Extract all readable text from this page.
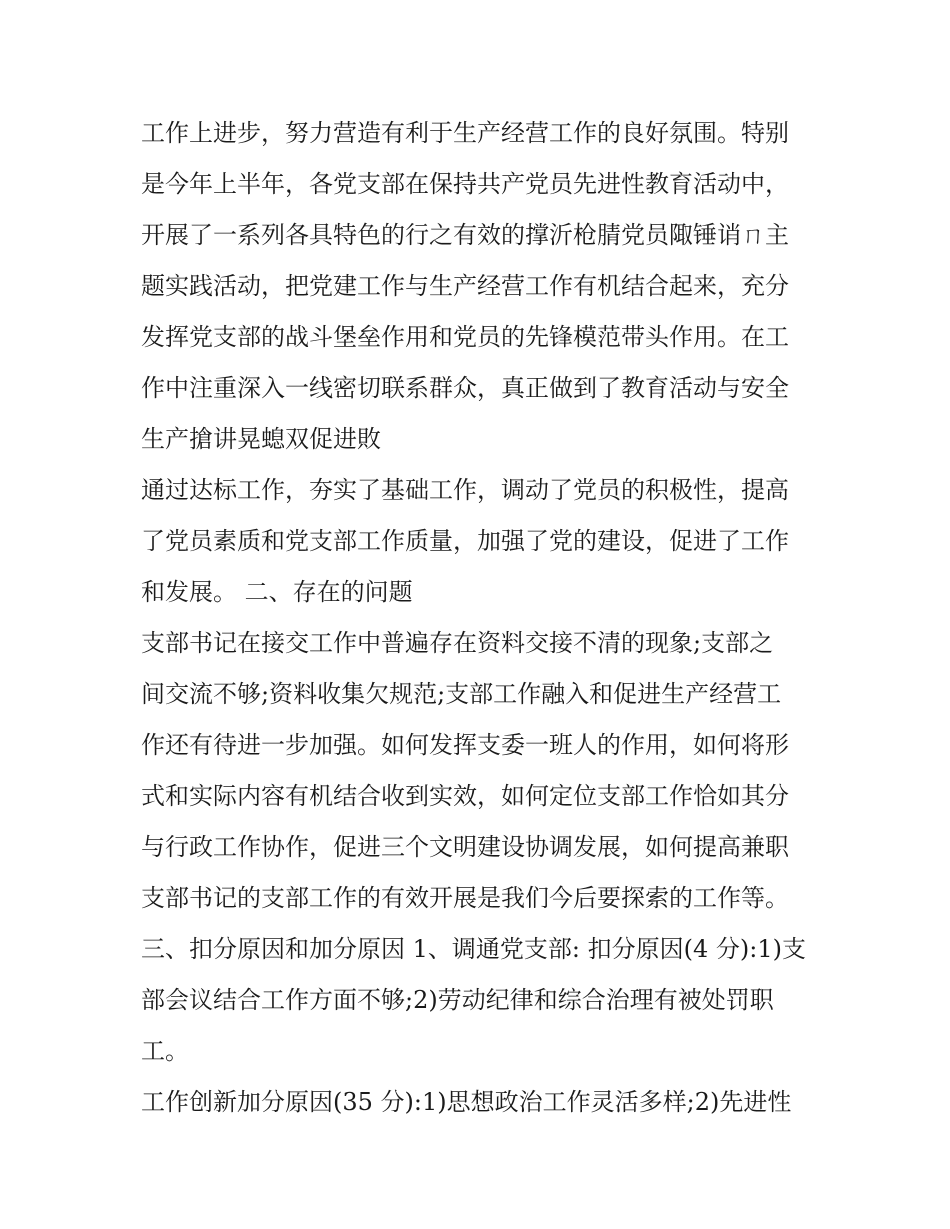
工作上进步，努力营造有利于生产经营工作的良好氛围。特别

是今年上半年，各党支部在保持共产党员先进性教育活动中，

开展了一系列各具特色的行之有效的撑沂枪腈党员陬锤诮ㄇ主

题实践活动，把党建工作与生产经营工作有机结合起来，充分

发挥党支部的战斗堡垒作用和党员的先锋模范带头作用。在工

作中注重深入一线密切联系群众，真正做到了教育活动与安全

生产搶讲晃螅双促进敗

通过达标工作，夯实了基础工作，调动了党员的积极性，提高

了党员素质和党支部工作质量，加强了党的建设，促进了工作

和发展。 二、存在的问题

支部书记在接交工作中普遍存在资料交接不清的现象;支部之

间交流不够;资料收集欠规范;支部工作融入和促进生产经营工

作还有待进一步加强。如何发挥支委一班人的作用，如何将形

式和实际内容有机结合收到实效，如何定位支部工作恰如其分

与行政工作协作，促进三个文明建设协调发展，如何提高兼职

支部书记的支部工作的有效开展是我们今后要探索的工作等。

三、扣分原因和加分原因 1、调通党支部: 扣分原因(4 分):1)支

部会议结合工作方面不够;2)劳动纪律和综合治理有被处罚职

工。

工作创新加分原因(35 分):1)思想政治工作灵活多样;2)先进性
